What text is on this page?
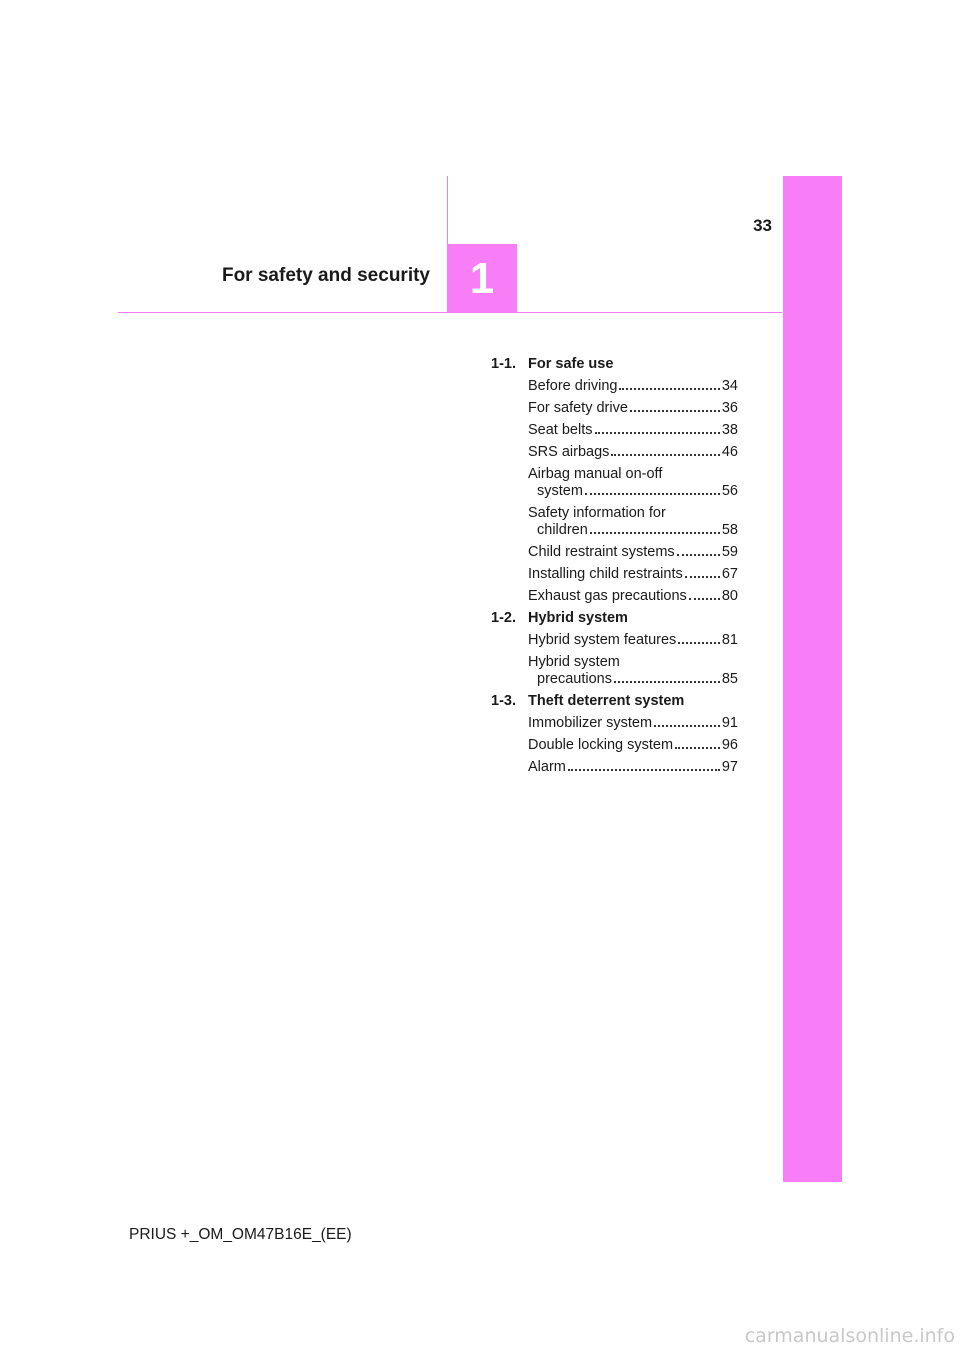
33
For safety and security 1
1-1. For safe use
Before driving	34
For safety drive	36
Seat belts	38
SRS airbags	46
Airbag manual on-off
system	56
Safety information for
children	58
Child restraint systems	59
Installing child restraints	67
Exhaust gas precautions 80
1-2. Hybrid system
Hybrid system features	81
Hybrid system
precautions	85
1-3. Theft deterrent system
Immobilizer system	91
Double locking system	96
Alarm	97
PRIUS +_OM_OM47B16E_(EE)
carmanualsonline.info
